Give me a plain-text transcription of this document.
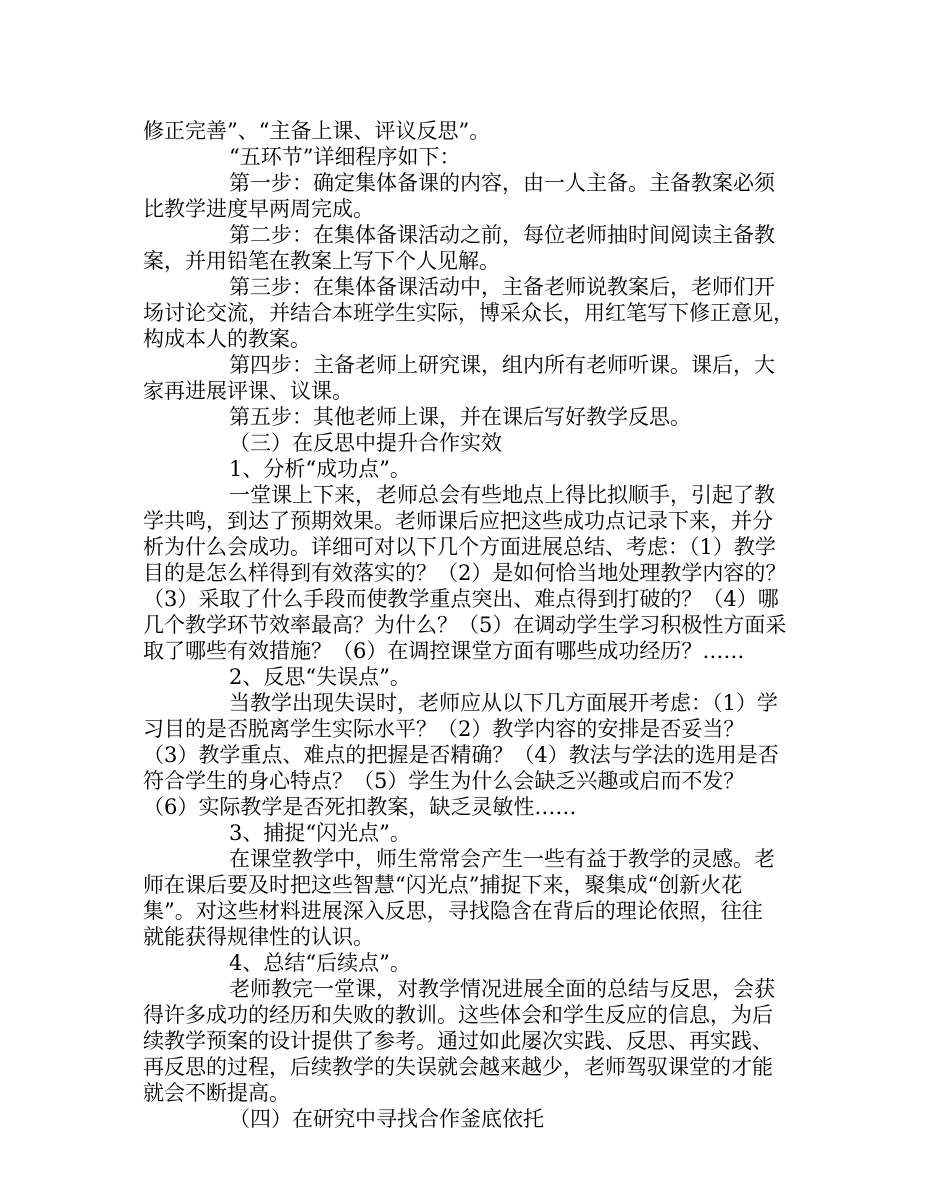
修正完善”、“主备上课、评议反思”。
“五环节”详细程序如下：
第一步：确定集体备课的内容，由一人主备。主备教案必须
比教学进度早两周完成。
第二步：在集体备课活动之前，每位老师抽时间阅读主备教
案，并用铅笔在教案上写下个人见解。
第三步：在集体备课活动中，主备老师说教案后，老师们开
场讨论交流，并结合本班学生实际，博采众长，用红笔写下修正意见，
构成本人的教案。
第四步：主备老师上研究课，组内所有老师听课。课后，大
家再进展评课、议课。
第五步：其他老师上课，并在课后写好教学反思。
（三）在反思中提升合作实效
1、分析“成功点”。
一堂课上下来，老师总会有些地点上得比拟顺手，引起了教
学共鸣，到达了预期效果。老师课后应把这些成功点记录下来，并分
析为什么会成功。详细可对以下几个方面进展总结、考虑：（1）教学
目的是怎么样得到有效落实的？（2）是如何恰当地处理教学内容的？
（3）采取了什么手段而使教学重点突出、难点得到打破的？（4）哪
几个教学环节效率最高？为什么？（5）在调动学生学习积极性方面采
取了哪些有效措施？（6）在调控课堂方面有哪些成功经历？……
2、反思“失误点”。
当教学出现失误时，老师应从以下几方面展开考虑：（1）学
习目的是否脱离学生实际水平？（2）教学内容的安排是否妥当？
（3）教学重点、难点的把握是否精确？（4）教法与学法的选用是否
符合学生的身心特点？（5）学生为什么会缺乏兴趣或启而不发？
（6）实际教学是否死扣教案，缺乏灵敏性……
3、捕捉“闪光点”。
在课堂教学中，师生常常会产生一些有益于教学的灵感。老
师在课后要及时把这些智慧“闪光点”捕捉下来，聚集成“创新火花
集”。对这些材料进展深入反思，寻找隐含在背后的理论依照，往往
就能获得规律性的认识。
4、总结“后续点”。
老师教完一堂课，对教学情况进展全面的总结与反思，会获
得许多成功的经历和失败的教训。这些体会和学生反应的信息，为后
续教学预案的设计提供了参考。通过如此屡次实践、反思、再实践、
再反思的过程，后续教学的失误就会越来越少，老师驾驭课堂的才能
就会不断提高。
（四）在研究中寻找合作釜底依托
